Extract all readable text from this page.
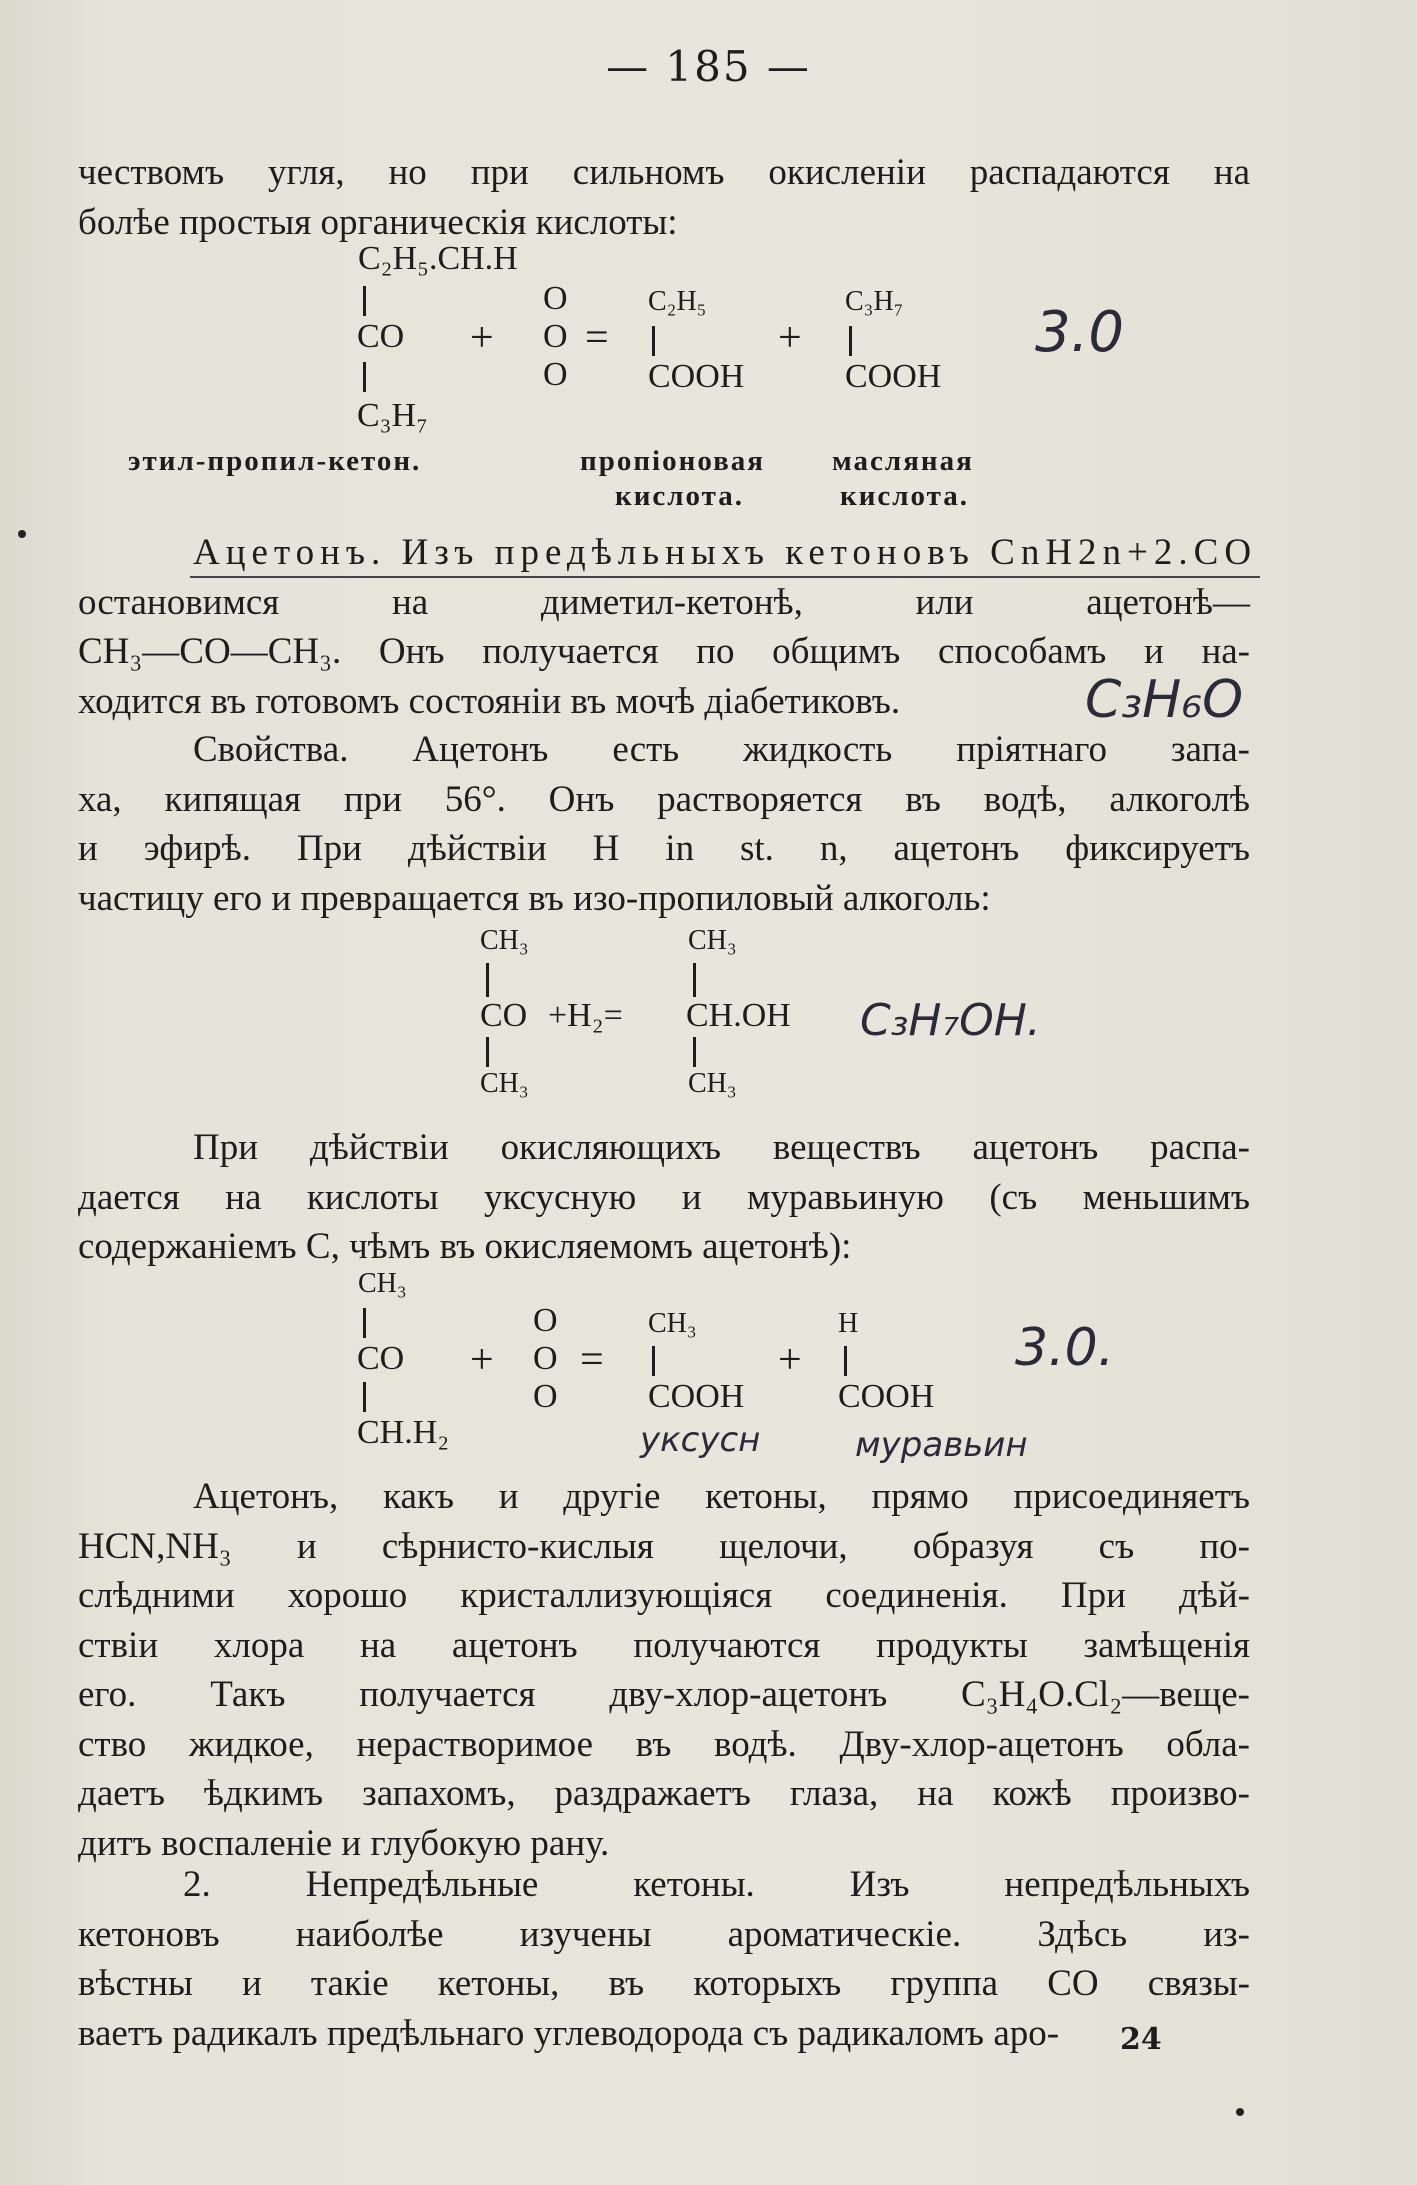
— 185 —
чествомъ угля, но при сильномъ окисленіи распадаются на
болѣе простыя органическія кислоты:
C₂H₅.CH.H
CO
C₃H₇
+
O
O
O
=
C₂H₅
COOH
+
C₃H₇
COOH
этил-пропил-кетон.	пропіоновая
кислота.
масляная
кислота.
3.0
Ацетонъ. Изъ предѣльныхъ кетоновъ CnH2n+2.CO
остановимся на диметил-кетонѣ, или ацетонѣ—
CH₃—CO—CH₃. Онъ получается по общимъ способамъ и на-
ходится въ готовомъ состояніи въ мочѣ діабетиковъ.	C₃H₆O
Свойства. Ацетонъ есть жидкость пріятнаго запа-
ха, кипящая при 56°. Онъ растворяется въ водѣ, алкоголѣ
и эфирѣ. При дѣйствіи H in st. n, ацетонъ фиксируетъ
частицу его и превращается въ изо-пропиловый алкоголь:
CH₃	CH₃
CO +H₂= CH.OH
CH₃	CH₃
C₃H₇OH.
При дѣйствіи окисляющихъ веществъ ацетонъ распа-
дается на кислоты уксусную и муравьиную (съ меньшимъ
содержаніемъ C, чѣмъ въ окисляемомъ ацетонѣ):
CH₃
CO
CH.H₂
+
O
O
O
=
CH₃
COOH
+
H
COOH
3.0.
уксусн	муравьин
Ацетонъ, какъ и другіе кетоны, прямо присоединяетъ
HCN,NH₃ и сѣрнисто-кислыя щелочи, образуя съ по-
слѣдними хорошо кристаллизующіяся соединенія. При дѣй-
ствіи хлора на ацетонъ получаются продукты замѣщенія
его. Такъ получается дву-хлор-ацетонъ C₃H₄O.Cl₂—веще-
ство жидкое, нерастворимое въ водѣ. Дву-хлор-ацетонъ обла-
даетъ ѣдкимъ запахомъ, раздражаетъ глаза, на кожѣ произво-
дитъ воспаленіе и глубокую рану.
2. Непредѣльные кетоны. Изъ непредѣльныхъ
кетоновъ наиболѣе изучены ароматическіе. Здѣсь из-
вѣстны и такіе кетоны, въ которыхъ группа CO связы-
ваетъ радикалъ предѣльнаго углеводорода съ радикаломъ аро-	24
